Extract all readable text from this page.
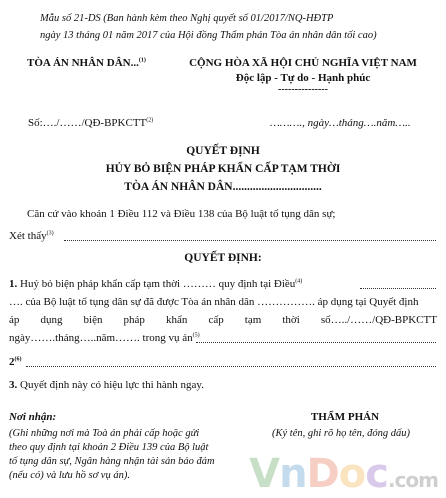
Mẫu số 21-DS (Ban hành kèm theo Nghị quyết số 01/2017/NQ-HĐTP
ngày 13 tháng 01 năm 2017 của Hội đồng Thẩm phán Tòa án nhân dân tối cao)
TÒA ÁN NHÂN DÂN...$^{(1)}$	CỘNG HÒA XÃ HỘI CHỦ NGHĨA VIỆT NAM
Độc lập - Tự do - Hạnh phúc
---------------
Số:…./……/QĐ-BPKCTT$^{(2)}$	………., ngày…tháng….năm…..
QUYẾT ĐỊNH
HỦY BỎ BIỆN PHÁP KHẨN CẤP TẠM THỜI
TÒA ÁN NHÂN DÂN...............................
Căn cứ vào khoản 1 Điều 112 và Điều 138 của Bộ luật tố tụng dân sự;
Xét thấy$^{(3)}$
QUYẾT ĐỊNH:
1. Huỷ bỏ biện pháp khẩn cấp tạm thời ……… quy định tại Điều$^{(4)}$
…. của Bộ luật tố tụng dân sự đã được Tòa án nhân dân ……………. áp dụng tại Quyết định
áp dụng biện pháp khẩn cấp tạm thời số…../……/QĐ-BPKCTT
ngày…….tháng…..năm……. trong vụ $án^{(5)}$
2$^{(6)}$
3. Quyết định này có hiệu lực thi hành ngay.
Nơi nhận:
(Ghi những nơi mà Toà án phải cấp hoặc gửi
theo quy định tại khoản 2 Điều 139 của Bộ luật
tố tụng dân sự, Ngân hàng nhận tài sản bảo đảm
(nếu có) và lưu hồ sơ vụ án).
THẨM PHÁN
(Ký tên, ghi rõ họ tên, đóng dấu)
VnDoc.com
